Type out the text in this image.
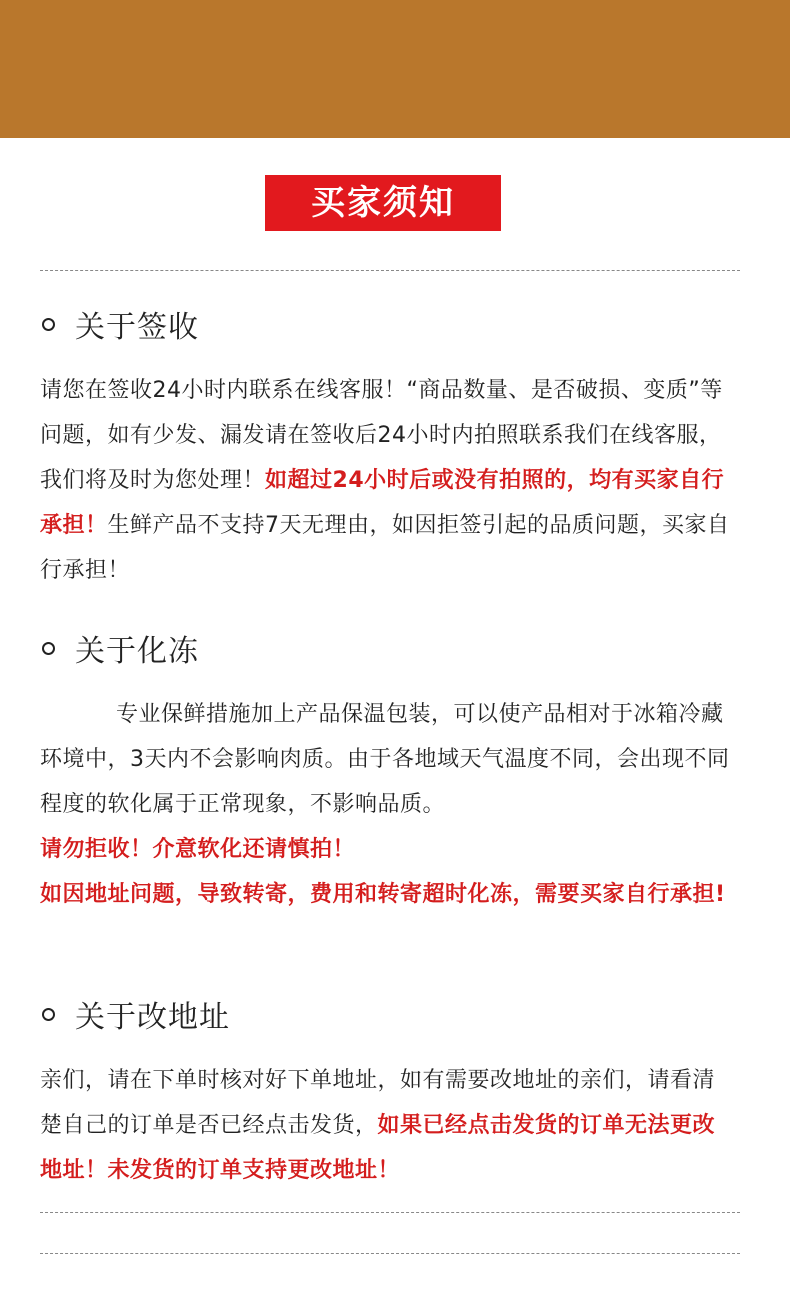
买家须知
关于签收
请您在签收24小时内联系在线客服！“商品数量、是否破损、变质”等问题，如有少发、漏发请在签收后24小时内拍照联系我们在线客服，我们将及时为您处理！如超过24小时后或没有拍照的，均有买家自行承担！生鲜产品不支持7天无理由，如因拒签引起的品质问题，买家自行承担！
关于化冻
专业保鲜措施加上产品保温包装，可以使产品相对于冰箱冷藏环境中，3天内不会影响肉质。由于各地域天气温度不同，会出现不同程度的软化属于正常现象，不影响品质。
请勿拒收！介意软化还请慎拍！
如因地址问题，导致转寄，费用和转寄超时化冻，需要买家自行承担!
关于改地址
亲们，请在下单时核对好下单地址，如有需要改地址的亲们，请看清楚自己的订单是否已经点击发货，如果已经点击发货的订单无法更改地址！未发货的订单支持更改地址！
